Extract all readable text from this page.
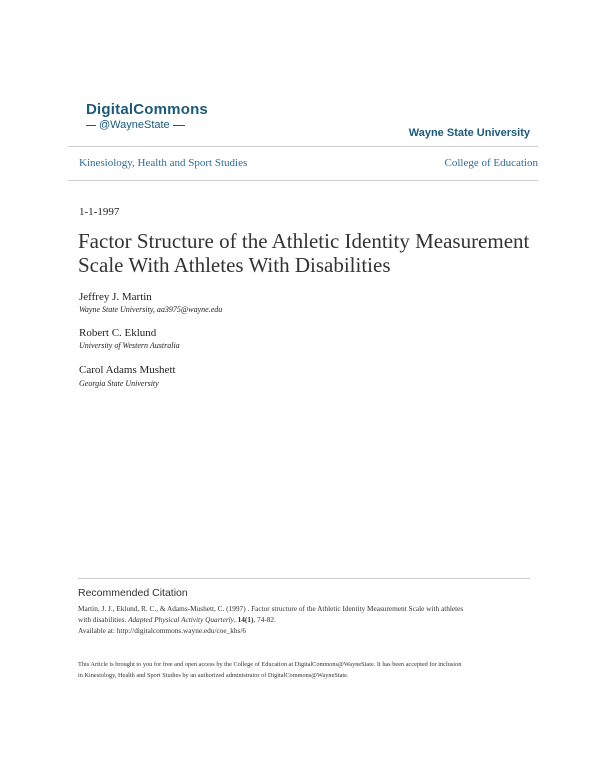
DigitalCommons
@WayneState
Wayne State University
Kinesiology, Health and Sport Studies	College of Education
1-1-1997
Factor Structure of the Athletic Identity Measurement Scale With Athletes With Disabilities
Jeffrey J. Martin
Wayne State University, aa3975@wayne.edu
Robert C. Eklund
University of Western Australia
Carol Adams Mushett
Georgia State University
Recommended Citation
Martin, J. J., Eklund, R. C., & Adams-Mushett, C. (1997) . Factor structure of the Athletic Identity Measurement Scale with athletes
with disabilities. Adapted Physical Activity Quarterly, 14(1), 74-82.
Available at: http://digitalcommons.wayne.edu/coe_khs/6
This Article is brought to you for free and open access by the College of Education at DigitalCommons@WayneState. It has been accepted for inclusion
in Kinesiology, Health and Sport Studies by an authorized administrator of DigitalCommons@WayneState.
